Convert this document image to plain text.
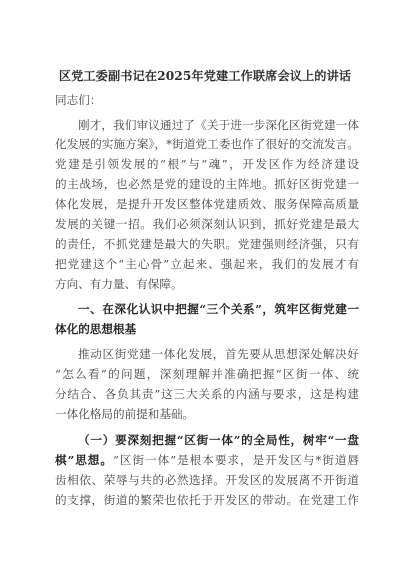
区党工委副书记在2025年党建工作联席会议上的讲话
同志们：
刚才，我们审议通过了《关于进一步深化区街党建一体
化发展的实施方案》，*街道党工委也作了很好的交流发言。
党建是引领发展的“根”与“魂”，开发区作为经济建设
的主战场，也必然是党的建设的主阵地。抓好区街党建一
体化发展，是提升开发区整体党建质效、服务保障高质量
发展的关键一招。我们必须深刻认识到，抓好党建是最大
的责任，不抓党建是最大的失职。党建强则经济强，只有
把党建这个“主心骨”立起来、强起来，我们的发展才有
方向、有力量、有保障。
一、在深化认识中把握“三个关系”，筑牢区街党建一
体化的思想根基
推动区街党建一体化发展，首先要从思想深处解决好
“怎么看”的问题，深刻理解并准确把握“区街一体、统
分结合、各负其责”这三大关系的内涵与要求，这是构建
一体化格局的前提和基础。
（一）要深刻把握“区街一体”的全局性，树牢“一盘
棋”思想。“区街一体”是根本要求，是开发区与*街道唇
齿相依、荣辱与共的必然选择。开发区的发展离不开街道
的支撑，街道的繁荣也依托于开发区的带动。在党建工作
